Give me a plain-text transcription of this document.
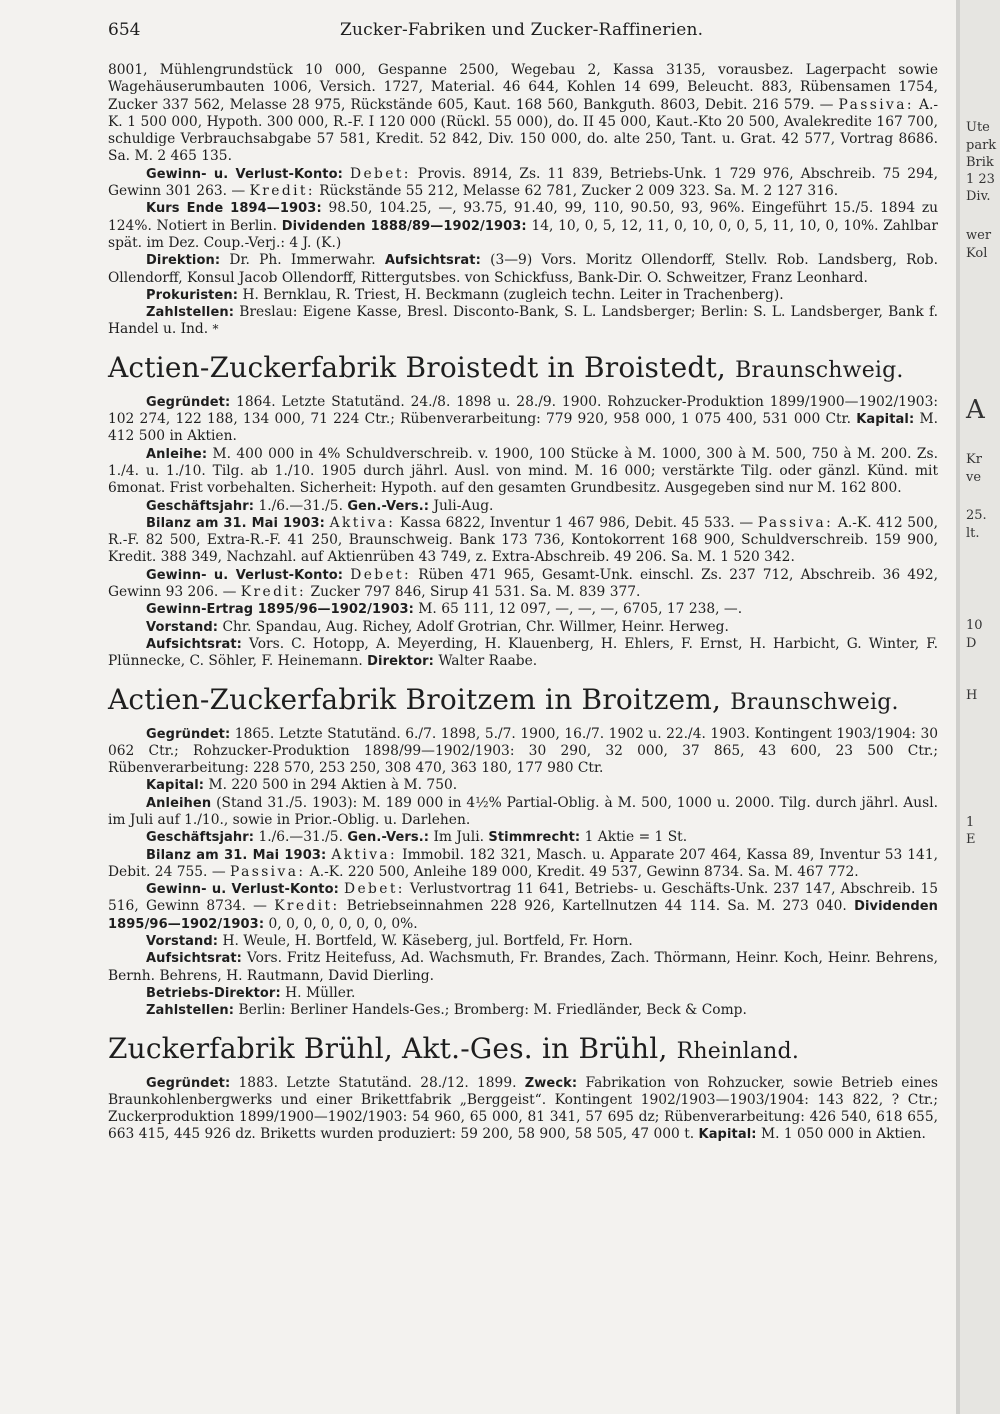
654	Zucker-Fabriken und Zucker-Raffinerien.

8001, Mühlengrundstück 10 000, Gespanne 2500, Wegebau 2, Kassa 3135, vorausbez. Lagerpacht sowie Wagehäuserumbauten 1006, Versich. 1727, Material. 46 644, Kohlen 14 699, Beleucht. 883, Rübensamen 1754, Zucker 337 562, Melasse 28 975, Rückstände 605, Kaut. 168 560, Bankguth. 8603, Debit. 216 579. — Passiva: A.-K. 1 500 000, Hypoth. 300 000, R.-F. I 120 000 (Rückl. 55 000), do. II 45 000, Kaut.-Kto 20 500, Avalekredite 167 700, schuldige Verbrauchsabgabe 57 581, Kredit. 52 842, Div. 150 000, do. alte 250, Tant. u. Grat. 42 577, Vortrag 8686. Sa. M. 2 465 135.

Gewinn- u. Verlust-Konto: Debet: Provis. 8914, Zs. 11 839, Betriebs-Unk. 1 729 976, Abschreib. 75 294, Gewinn 301 263. — Kredit: Rückstände 55 212, Melasse 62 781, Zucker 2 009 323. Sa. M. 2 127 316.

Kurs Ende 1894—1903: 98.50, 104.25, —, 93.75, 91.40, 99, 110, 90.50, 93, 96%. Eingeführt 15./5. 1894 zu 124%. Notiert in Berlin. Dividenden 1888/89—1902/1903: 14, 10, 0, 5, 12, 11, 0, 10, 0, 0, 5, 11, 10, 0, 10%. Zahlbar spät. im Dez. Coup.-Verj.: 4 J. (K.)

Direktion: Dr. Ph. Immerwahr. Aufsichtsrat: (3—9) Vors. Moritz Ollendorff, Stellv. Rob. Landsberg, Rob. Ollendorff, Konsul Jacob Ollendorff, Rittergutsbes. von Schickfuss, Bank-Dir. O. Schweitzer, Franz Leonhard.

Prokuristen: H. Bernklau, R. Triest, H. Beckmann (zugleich techn. Leiter in Trachenberg).

Zahlstellen: Breslau: Eigene Kasse, Bresl. Disconto-Bank, S. L. Landsberger; Berlin: S. L. Landsberger, Bank f. Handel u. Ind. *

Actien-Zuckerfabrik Broistedt in Broistedt, Braunschweig.

Gegründet: 1864. Letzte Statutänd. 24./8. 1898 u. 28./9. 1900. Rohzucker-Produktion 1899/1900—1902/1903: 102 274, 122 188, 134 000, 71 224 Ctr.; Rübenverarbeitung: 779 920, 958 000, 1 075 400, 531 000 Ctr. Kapital: M. 412 500 in Aktien.

Anleihe: M. 400 000 in 4% Schuldverschreib. v. 1900, 100 Stücke à M. 1000, 300 à M. 500, 750 à M. 200. Zs. 1./4. u. 1./10. Tilg. ab 1./10. 1905 durch jährl. Ausl. von mind. M. 16 000; verstärkte Tilg. oder gänzl. Künd. mit 6monat. Frist vorbehalten. Sicherheit: Hypoth. auf den gesamten Grundbesitz. Ausgegeben sind nur M. 162 800.

Geschäftsjahr: 1./6.—31./5. Gen.-Vers.: Juli-Aug.

Bilanz am 31. Mai 1903: Aktiva: Kassa 6822, Inventur 1 467 986, Debit. 45 533. — Passiva: A.-K. 412 500, R.-F. 82 500, Extra-R.-F. 41 250, Braunschweig. Bank 173 736, Kontokorrent 168 900, Schuldverschreib. 159 900, Kredit. 388 349, Nachzahl. auf Aktienrüben 43 749, z. Extra-Abschreib. 49 206. Sa. M. 1 520 342.

Gewinn- u. Verlust-Konto: Debet: Rüben 471 965, Gesamt-Unk. einschl. Zs. 237 712, Abschreib. 36 492, Gewinn 93 206. — Kredit: Zucker 797 846, Sirup 41 531. Sa. M. 839 377.

Gewinn-Ertrag 1895/96—1902/1903: M. 65 111, 12 097, —, —, —, 6705, 17 238, —.

Vorstand: Chr. Spandau, Aug. Richey, Adolf Grotrian, Chr. Willmer, Heinr. Herweg.

Aufsichtsrat: Vors. C. Hotopp, A. Meyerding, H. Klauenberg, H. Ehlers, F. Ernst, H. Harbicht, G. Winter, F. Plünnecke, C. Söhler, F. Heinemann. Direktor: Walter Raabe.

Actien-Zuckerfabrik Broitzem in Broitzem, Braunschweig.

Gegründet: 1865. Letzte Statutänd. 6./7. 1898, 5./7. 1900, 16./7. 1902 u. 22./4. 1903. Kontingent 1903/1904: 30 062 Ctr.; Rohzucker-Produktion 1898/99—1902/1903: 30 290, 32 000, 37 865, 43 600, 23 500 Ctr.; Rübenverarbeitung: 228 570, 253 250, 308 470, 363 180, 177 980 Ctr.

Kapital: M. 220 500 in 294 Aktien à M. 750.

Anleihen (Stand 31./5. 1903): M. 189 000 in 4½% Partial-Oblig. à M. 500, 1000 u. 2000. Tilg. durch jährl. Ausl. im Juli auf 1./10., sowie in Prior.-Oblig. u. Darlehen.

Geschäftsjahr: 1./6.—31./5. Gen.-Vers.: Im Juli. Stimmrecht: 1 Aktie = 1 St.

Bilanz am 31. Mai 1903: Aktiva: Immobil. 182 321, Masch. u. Apparate 207 464, Kassa 89, Inventur 53 141, Debit. 24 755. — Passiva: A.-K. 220 500, Anleihe 189 000, Kredit. 49 537, Gewinn 8734. Sa. M. 467 772.

Gewinn- u. Verlust-Konto: Debet: Verlustvortrag 11 641, Betriebs- u. Geschäfts-Unk. 237 147, Abschreib. 15 516, Gewinn 8734. — Kredit: Betriebseinnahmen 228 926, Kartellnutzen 44 114. Sa. M. 273 040. Dividenden 1895/96—1902/1903: 0, 0, 0, 0, 0, 0, 0, 0%.

Vorstand: H. Weule, H. Bortfeld, W. Käseberg, jul. Bortfeld, Fr. Horn.

Aufsichtsrat: Vors. Fritz Heitefuss, Ad. Wachsmuth, Fr. Brandes, Zach. Thörmann, Heinr. Koch, Heinr. Behrens, Bernh. Behrens, H. Rautmann, David Dierling.

Betriebs-Direktor: H. Müller.

Zahlstellen: Berlin: Berliner Handels-Ges.; Bromberg: M. Friedländer, Beck & Comp.

Zuckerfabrik Brühl, Akt.-Ges. in Brühl, Rheinland.

Gegründet: 1883. Letzte Statutänd. 28./12. 1899. Zweck: Fabrikation von Rohzucker, sowie Betrieb eines Braunkohlenbergwerks und einer Brikettfabrik „Berggeist“. Kontingent 1902/1903—1903/1904: 143 822, ? Ctr.; Zuckerproduktion 1899/1900—1902/1903: 54 960, 65 000, 81 341, 57 695 dz; Rübenverarbeitung: 426 540, 618 655, 663 415, 445 926 dz. Briketts wurden produziert: 59 200, 58 900, 58 505, 47 000 t. Kapital: M. 1 050 000 in Aktien.

Ute
park
Brik
1 23
Div.
wer
Kol
A
Kr
ve
25.
lt.
10
D
H
1
E
